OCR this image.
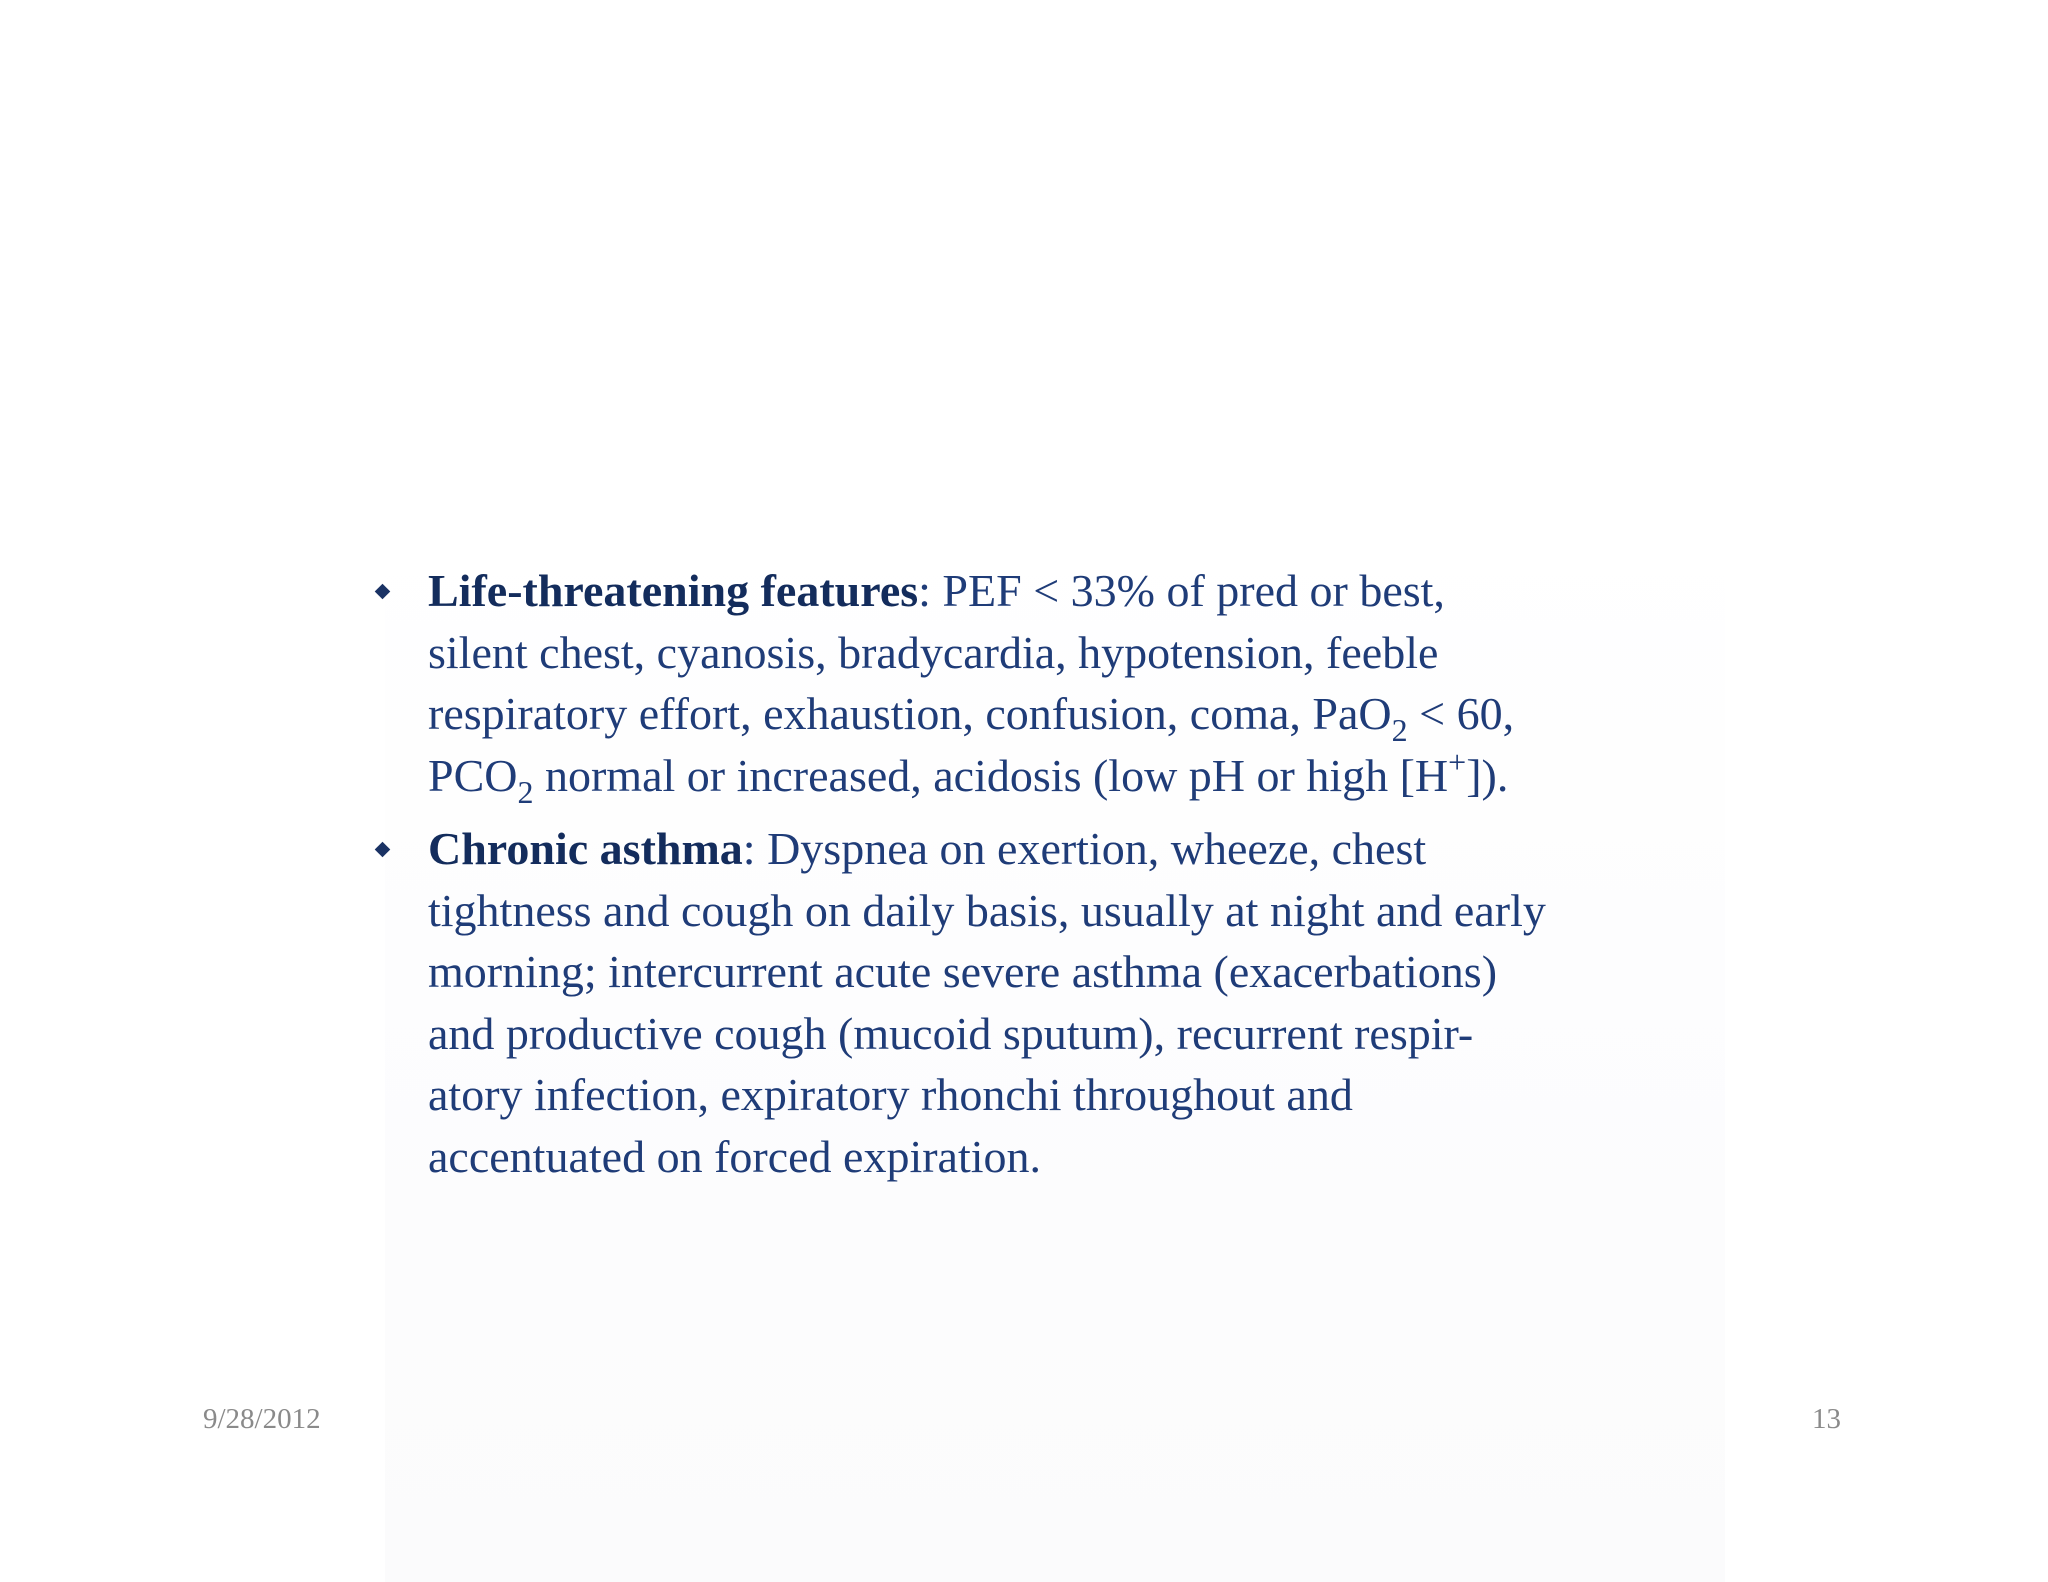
Life-threatening features: PEF < 33% of pred or best,
silent chest, cyanosis, bradycardia, hypotension, feeble
respiratory effort, exhaustion, confusion, coma, PaO$_2$ < 60,
$PCO_2$ normal or increased, acidosis (low pH or high [H+]).
Chronic asthma: Dyspnea on exertion, wheeze, chest
tightness and cough on daily basis, usually at night and early
morning; intercurrent acute severe asthma (exacerbations)
and productive cough (mucoid sputum), recurrent respir-
atory infection, expiratory rhonchi throughout and
accentuated on forced expiration.
9/28/2012	13
